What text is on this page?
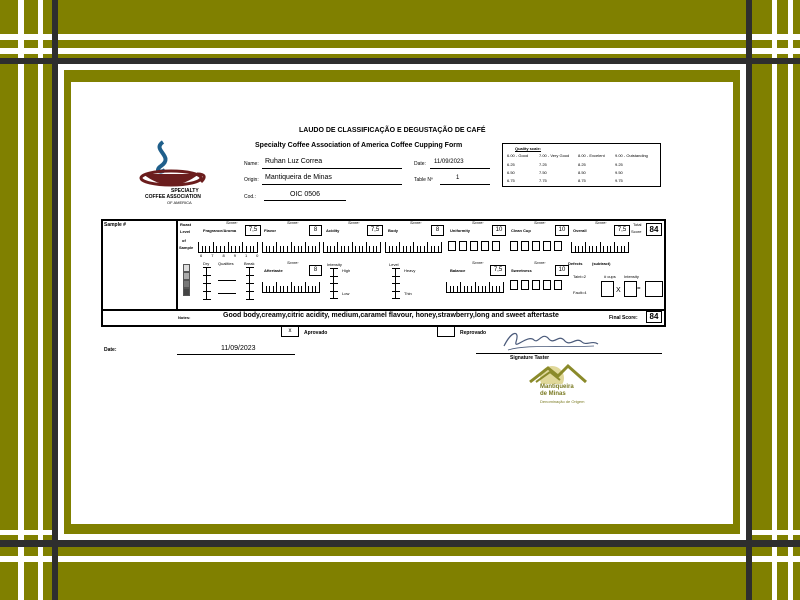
LAUDO DE CLASSIFICAÇÃO E DEGUSTAÇÃO DE CAFÉ
Specialty Coffee Association of America Coffee Cupping Form
SPECIALTY
COFFEE ASSOCIATION
OF AMERICA
Name: Ruhan Luz Correa	Date: 11/09/2023
Origin: Mantiqueira de Minas	Table Nº	1
Cod.:	OIC 0506
Quality scale:
6.00 - Good	7.00 - Very Good 8.00 - Excelent	9.00 - Outstanding
6.25	7.25	8.25	9.25
6.50	7.50	8.50	9.50
6.75	7.75	8.75	9.75
Sample #	Roast
Level
of
Sample
Score:
Fragrance/Aroma	7,5
Score:
Flavor	8
Score:
Acidity	7,5
Score:
Body	8
Score:
Uniformity	10
Score:
Clean Cup	10
Score:
Overall	7,5
Total
Score	84
678910
Dry Qualities	Break	Score:
Aftertaste	8
Intensity
High
Low
Level
Heavy
Thin
Score:
Balance	7,5
Score:
Sweetness	10
Defects (subtract)
Taint=2
Fault=4
# cups Intensity
X	=
Notes:	Good body,creamy,citric acidity, medium,caramel flavour, honey,strawberry,long and sweet aftertaste	Final Score:	84
x	Aprovado	Reprovado
Date:	11/09/2023
Signature Taster
Mantiqueira
de Minas
Denominação de Origem
